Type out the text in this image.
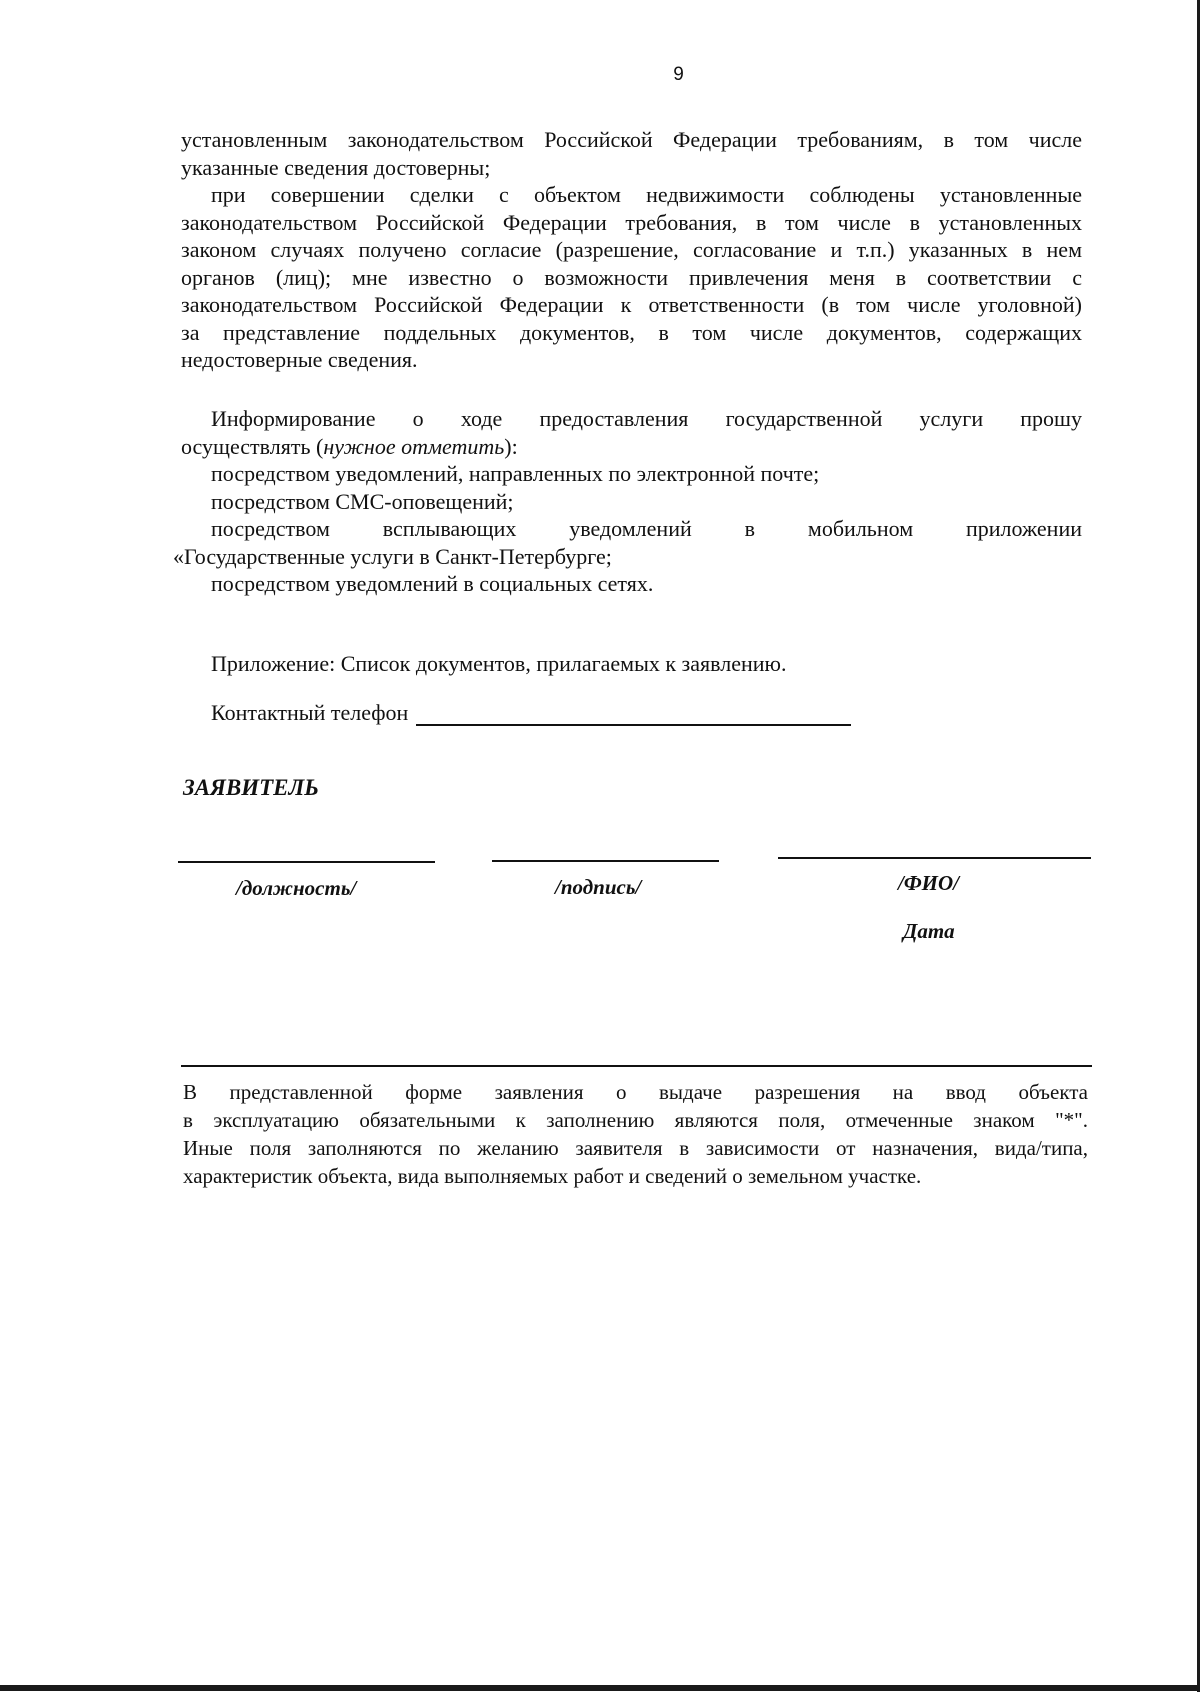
9

установленным законодательством Российской Федерации требованиям, в том числе

указанные сведения достоверны;

при совершении сделки с объектом недвижимости соблюдены установленные

законодательством Российской Федерации требования, в том числе в установленных

законом случаях получено согласие (разрешение, согласование и т.п.) указанных в нем

органов (лиц); мне известно о возможности привлечения меня в соответствии с

законодательством Российской Федерации к ответственности (в том числе уголовной)

за представление поддельных документов, в том числе документов, содержащих

недостоверные сведения.

Информирование о ходе предоставления государственной услуги прошу

осуществлять (нужное отметить):

посредством уведомлений, направленных по электронной почте;

посредством СМС-оповещений;

посредством всплывающих уведомлений в мобильном приложении

«Государственные услуги в Санкт-Петербурге;

посредством уведомлений в социальных сетях.

Приложение: Список документов, прилагаемых к заявлению.

Контактный телефон
ЗАЯВИТЕЛЬ
/должность/	/подпись/	/ФИО/
Дата

В представленной форме заявления о выдаче разрешения на ввод объекта

в эксплуатацию обязательными к заполнению являются поля, отмеченные знаком "*".

Иные поля заполняются по желанию заявителя в зависимости от назначения, вида/типа,

характеристик объекта, вида выполняемых работ и сведений о земельном участке.
